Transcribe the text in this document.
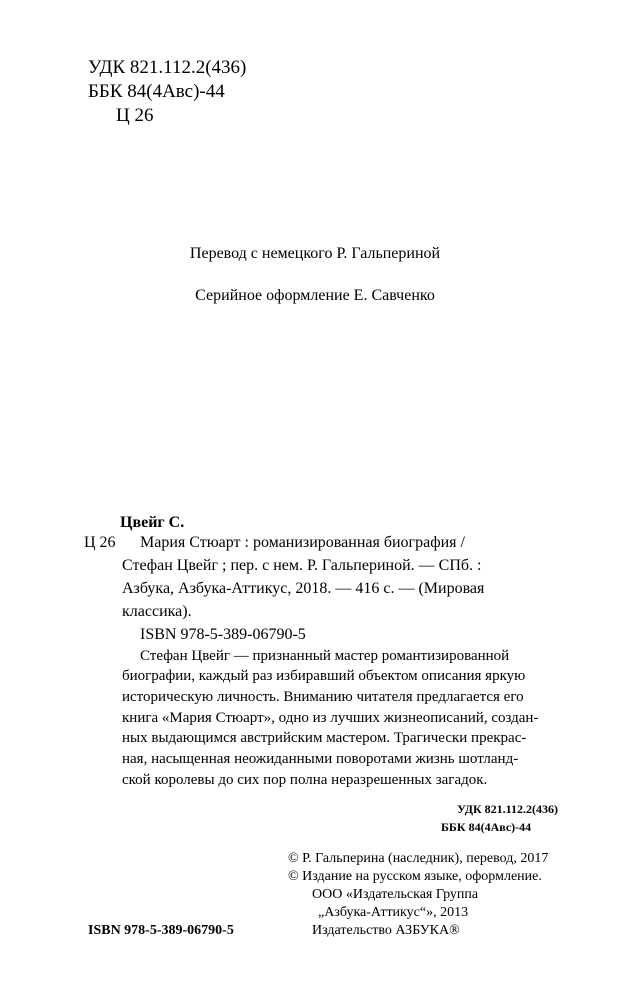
УДК 821.112.2(436)
ББК 84(4Авс)-44
Ц 26
Перевод с немецкого Р. Гальпериной
Серийное оформление Е. Савченко
Цвейг С.
Ц 26 Мария Стюарт : романизированная биография /
Стефан Цвейг ; пер. с нем. Р. Гальпериной. — СПб. :
Азбука, Азбука-Аттикус, 2018. — 416 с. — (Мировая
классика).
ISBN 978-5-389-06790-5
Стефан Цвейг — признанный мастер романтизированной
биографии, каждый раз избиравший объектом описания яркую
историческую личность. Вниманию читателя предлагается его
книга «Мария Стюарт», одно из лучших жизнеописаний, создан-
ных выдающимся австрийским мастером. Трагически прекрас-
ная, насыщенная неожиданными поворотами жизнь шотланд-
ской королевы до сих пор полна неразрешенных загадок.
УДК 821.112.2(436)
ББК 84(4Авс)-44
© Р. Гальперина (наследник), перевод, 2017
© Издание на русском языке, оформление.
ООО «Издательская Группа
„Азбука-Аттикус“», 2013
Издательство АЗБУКА®
ISBN 978-5-389-06790-5
